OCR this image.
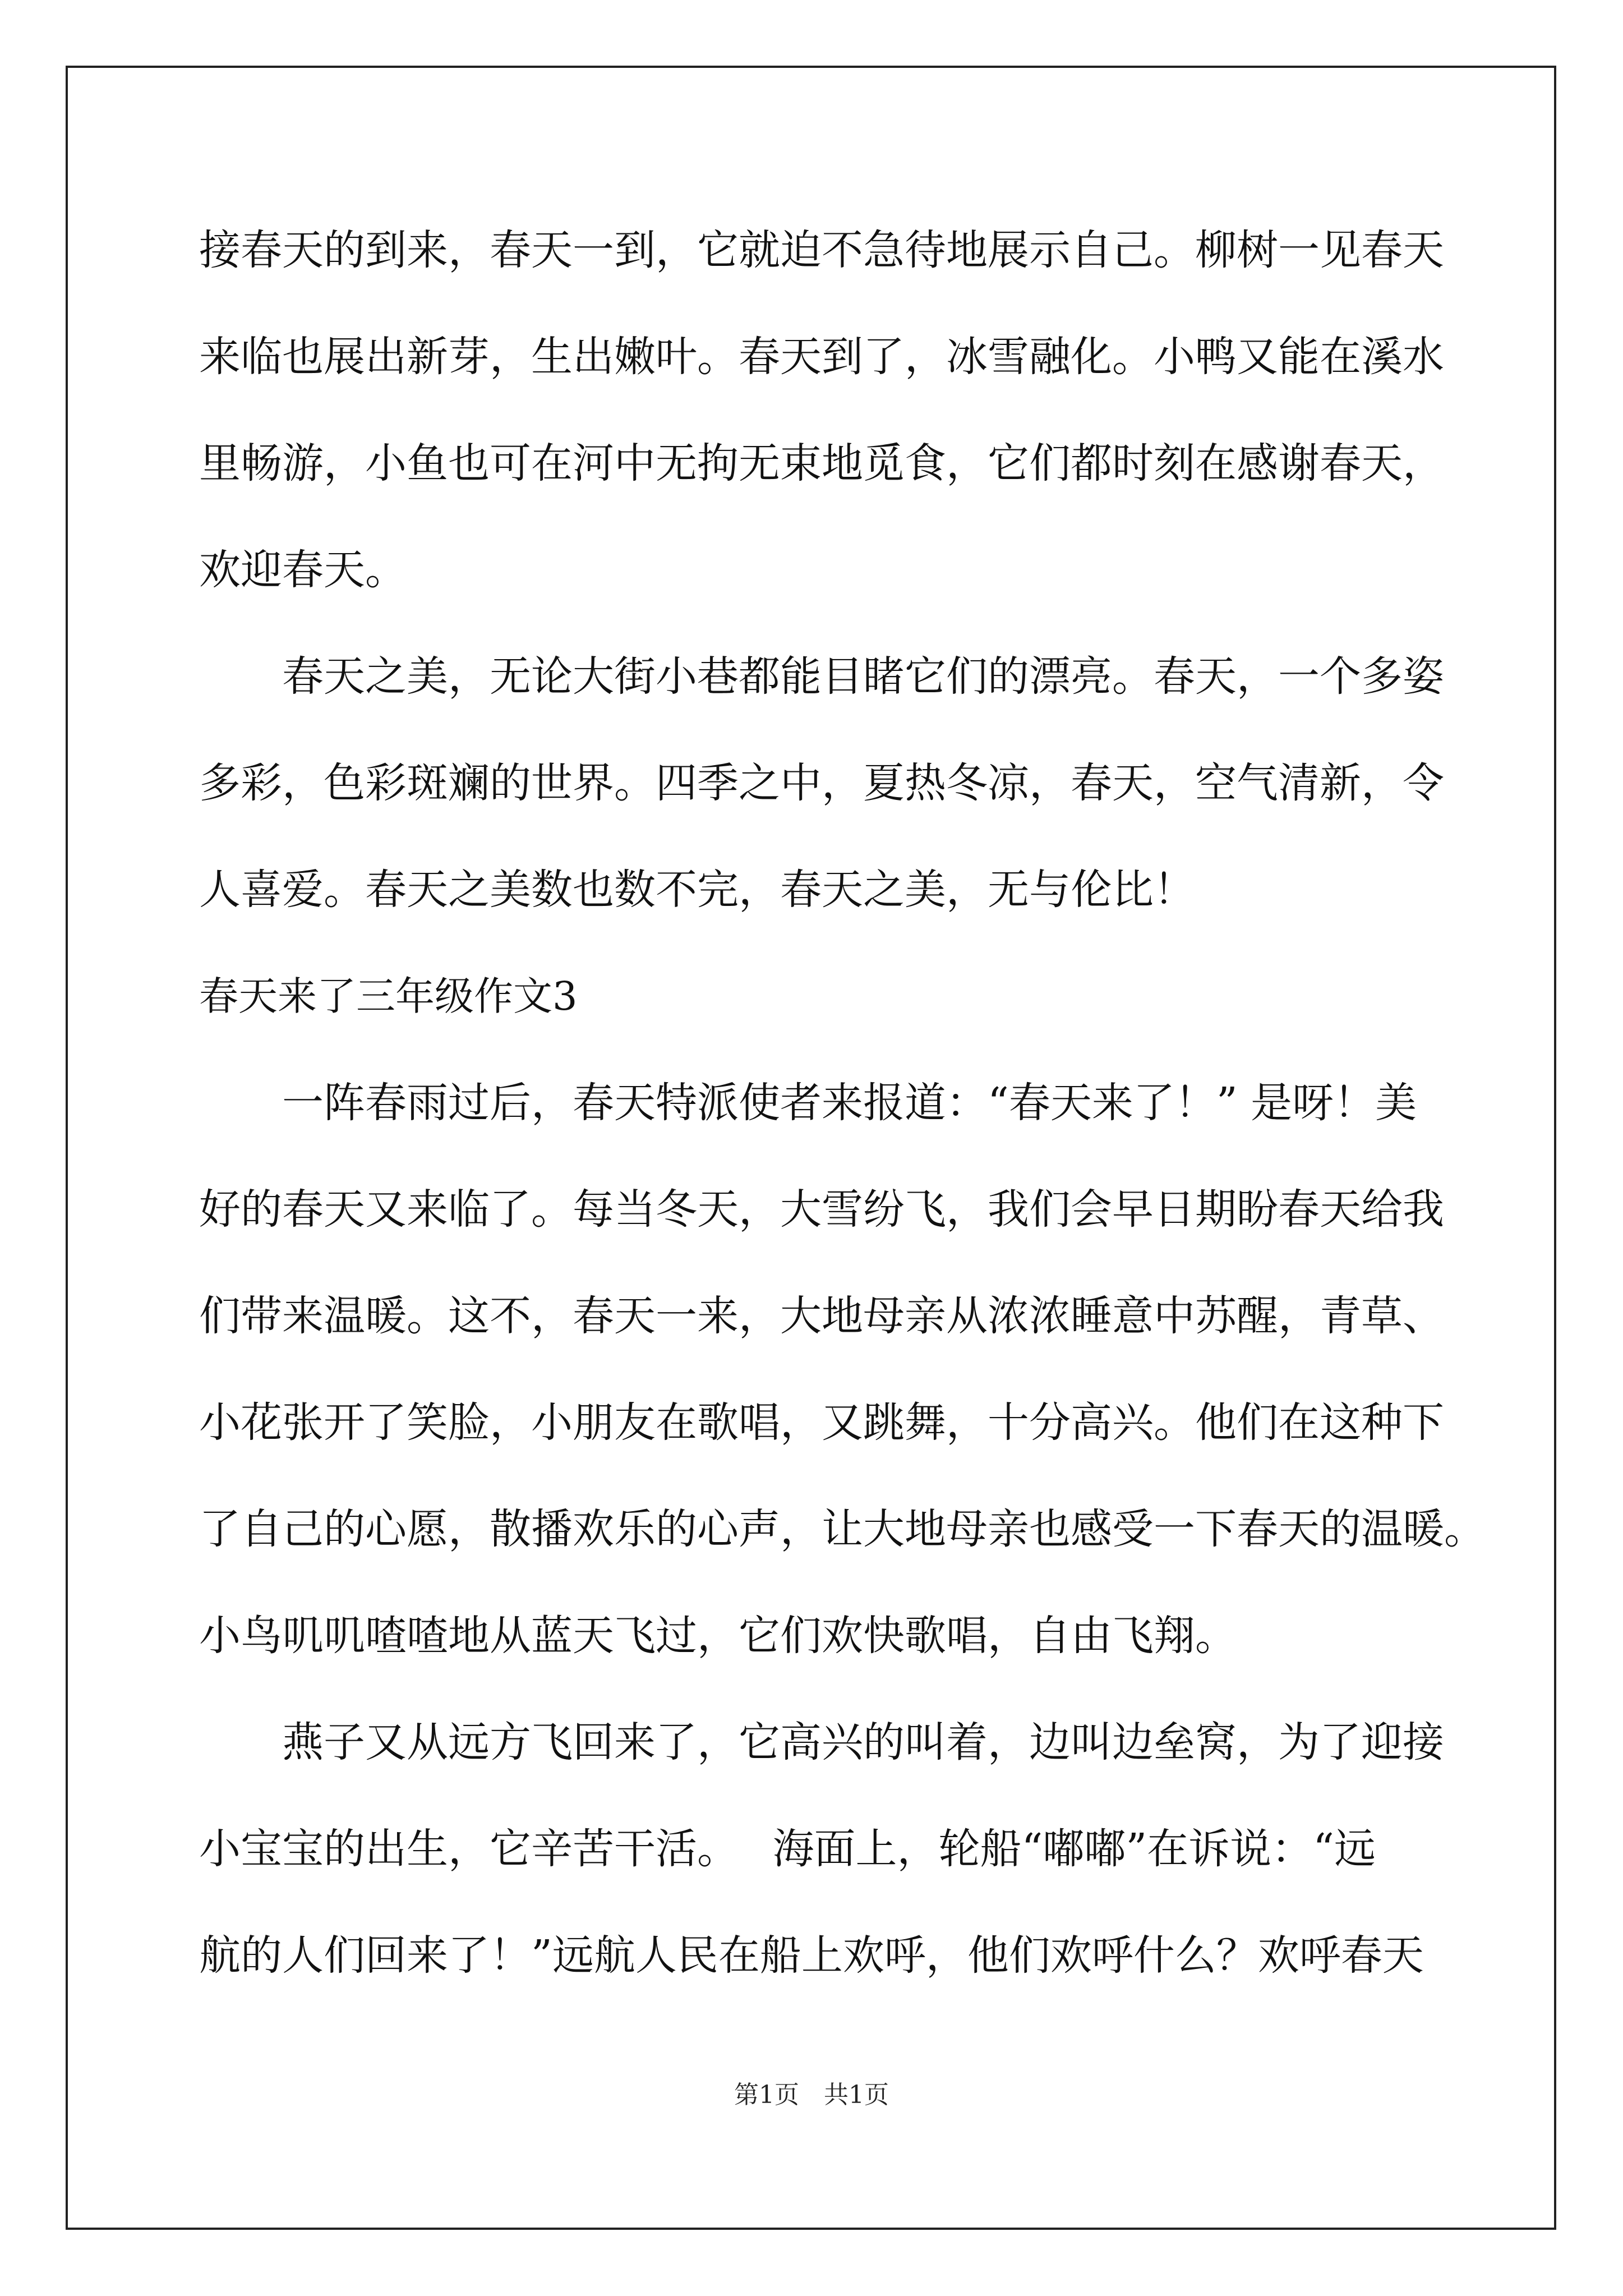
接春天的到来，春天一到，它就迫不急待地展示自己。柳树一见春天
来临也展出新芽，生出嫩叶。春天到了，冰雪融化。小鸭又能在溪水
里畅游，小鱼也可在河中无拘无束地觅食，它们都时刻在感谢春天，
欢迎春天。
春天之美，无论大街小巷都能目睹它们的漂亮。春天，一个多姿
多彩，色彩斑斓的世界。四季之中，夏热冬凉，春天，空气清新，令
人喜爱。春天之美数也数不完，春天之美，无与伦比！
春天来了三年级作文3
一阵春雨过后，春天特派使者来报道：“春天来了！” 是呀！美
好的春天又来临了。每当冬天，大雪纷飞，我们会早日期盼春天给我
们带来温暖。这不，春天一来，大地母亲从浓浓睡意中苏醒，青草、
小花张开了笑脸，小朋友在歌唱，又跳舞，十分高兴。他们在这种下
了自己的心愿，散播欢乐的心声，让大地母亲也感受一下春天的温暖。
小鸟叽叽喳喳地从蓝天飞过，它们欢快歌唱，自由飞翔。
燕子又从远方飞回来了，它高兴的叫着，边叫边垒窝，为了迎接
小宝宝的出生，它辛苦干活。　 海面上，轮船“嘟嘟”在诉说：“远
航的人们回来了！”远航人民在船上欢呼，他们欢呼什么？欢呼春天
第1页　共1页
